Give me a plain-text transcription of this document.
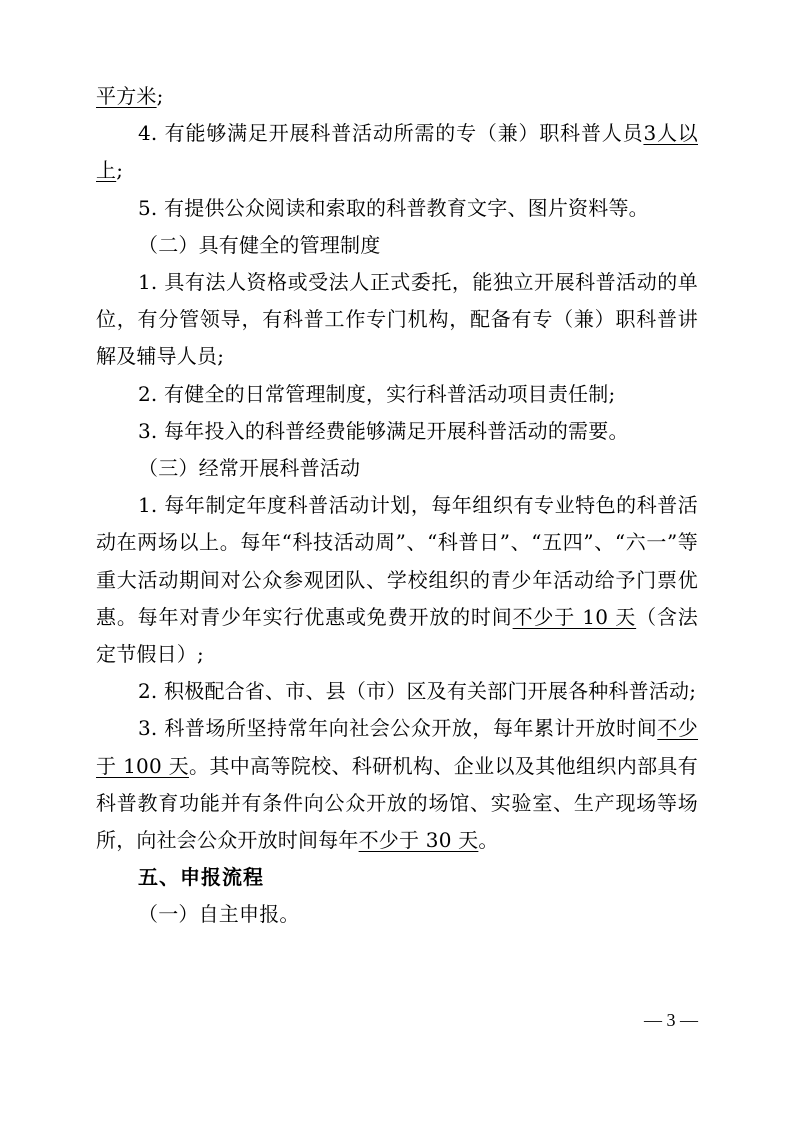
平方米;

4. 有能够满足开展科普活动所需的专（兼）职科普人员3人以上;

5. 有提供公众阅读和索取的科普教育文字、图片资料等。

（二）具有健全的管理制度

1. 具有法人资格或受法人正式委托，能独立开展科普活动的单位，有分管领导，有科普工作专门机构，配备有专（兼）职科普讲解及辅导人员;

2. 有健全的日常管理制度，实行科普活动项目责任制;

3. 每年投入的科普经费能够满足开展科普活动的需要。

（三）经常开展科普活动

1. 每年制定年度科普活动计划，每年组织有专业特色的科普活动在两场以上。每年“科技活动周”、“科普日”、“五四”、“六一”等重大活动期间对公众参观团队、学校组织的青少年活动给予门票优惠。每年对青少年实行优惠或免费开放的时间不少于 10 天（含法定节假日）;

2. 积极配合省、市、县（市）区及有关部门开展各种科普活动;

3. 科普场所坚持常年向社会公众开放，每年累计开放时间不少于 100 天。其中高等院校、科研机构、企业以及其他组织内部具有科普教育功能并有条件向公众开放的场馆、实验室、生产现场等场所，向社会公众开放时间每年不少于 30 天。

五、申报流程

（一）自主申报。

— 3 —
